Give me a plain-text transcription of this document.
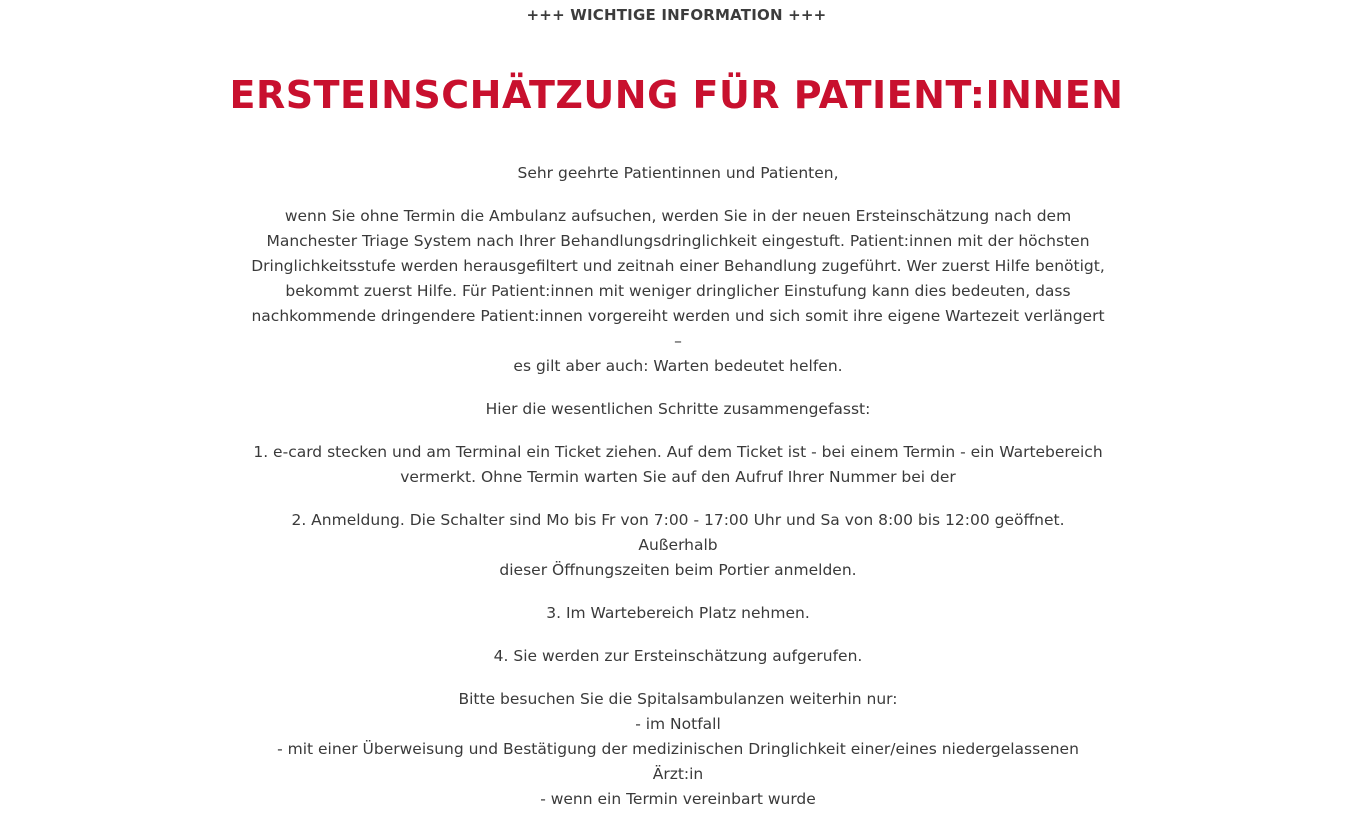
+++ WICHTIGE INFORMATION +++
ERSTEINSCHÄTZUNG FÜR PATIENT:INNEN

Sehr geehrte Patientinnen und Patienten,

wenn Sie ohne Termin die Ambulanz aufsuchen, werden Sie in der neuen Ersteinschätzung nach dem
Manchester Triage System nach Ihrer Behandlungsdringlichkeit eingestuft. Patient:innen mit der höchsten
Dringlichkeitsstufe werden herausgefiltert und zeitnah einer Behandlung zugeführt. Wer zuerst Hilfe benötigt,
bekommt zuerst Hilfe. Für Patient:innen mit weniger dringlicher Einstufung kann dies bedeuten, dass
nachkommende dringendere Patient:innen vorgereiht werden und sich somit ihre eigene Wartezeit verlängert –
es gilt aber auch: Warten bedeutet helfen.

Hier die wesentlichen Schritte zusammengefasst:

1. e-card stecken und am Terminal ein Ticket ziehen. Auf dem Ticket ist - bei einem Termin - ein Wartebereich
vermerkt. Ohne Termin warten Sie auf den Aufruf Ihrer Nummer bei der

2. Anmeldung. Die Schalter sind Mo bis Fr von 7:00 - 17:00 Uhr und Sa von 8:00 bis 12:00 geöffnet. Außerhalb
dieser Öffnungszeiten beim Portier anmelden.

3. Im Wartebereich Platz nehmen.

4. Sie werden zur Ersteinschätzung aufgerufen.

Bitte besuchen Sie die Spitalsambulanzen weiterhin nur:
- im Notfall
- mit einer Überweisung und Bestätigung der medizinischen Dringlichkeit einer/eines niedergelassenen Ärzt:in
- wenn ein Termin vereinbart wurde
